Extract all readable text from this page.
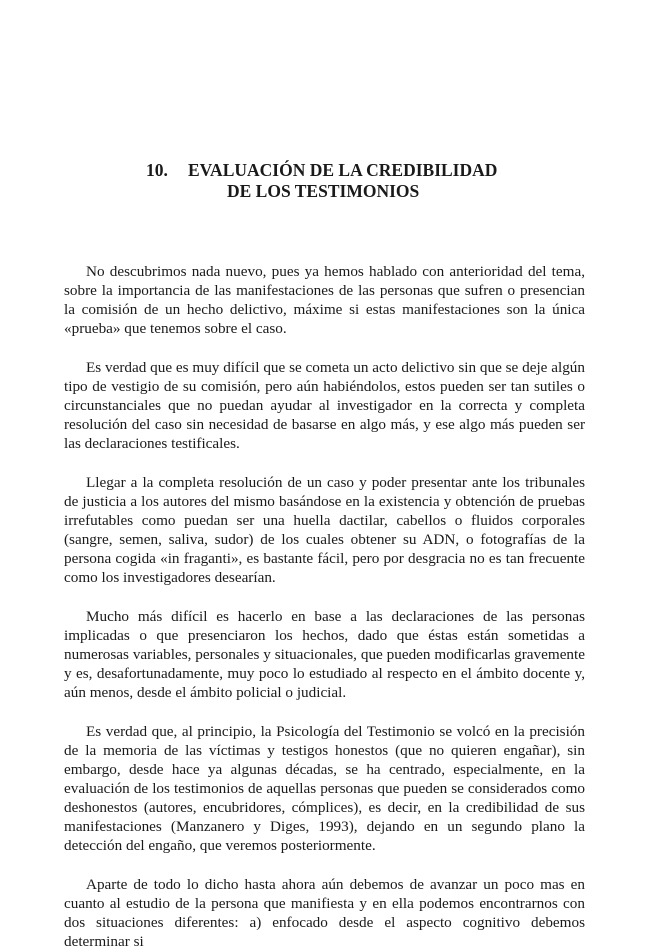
10. EVALUACIÓN DE LA CREDIBILIDAD
DE LOS TESTIMONIOS

No descubrimos nada nuevo, pues ya hemos hablado con anterioridad del tema, sobre la importancia de las manifestaciones de las personas que sufren o presencian la comisión de un hecho delictivo, máxime si estas manifestaciones son la única «prueba» que tenemos sobre el caso.

Es verdad que es muy difícil que se cometa un acto delictivo sin que se deje algún tipo de vestigio de su comisión, pero aún habiéndolos, estos pueden ser tan sutiles o circunstanciales que no puedan ayudar al investigador en la correcta y completa resolución del caso sin necesidad de basarse en algo más, y ese algo más pueden ser las declaraciones testificales.

Llegar a la completa resolución de un caso y poder presentar ante los tribunales de justicia a los autores del mismo basándose en la existencia y obtención de pruebas irrefutables como puedan ser una huella dactilar, cabellos o fluidos corporales (sangre, semen, saliva, sudor) de los cuales obtener su ADN, o fotografías de la persona cogida «in fraganti», es bastante fácil, pero por desgracia no es tan frecuente como los investigadores desearían.

Mucho más difícil es hacerlo en base a las declaraciones de las personas implicadas o que presenciaron los hechos, dado que éstas están sometidas a numerosas variables, personales y situacionales, que pueden modificarlas gravemente y es, desafortunadamente, muy poco lo estudiado al respecto en el ámbito docente y, aún menos, desde el ámbito policial o judicial.

Es verdad que, al principio, la Psicología del Testimonio se volcó en la precisión de la memoria de las víctimas y testigos honestos (que no quieren engañar), sin embargo, desde hace ya algunas décadas, se ha centrado, especialmente, en la evaluación de los testimonios de aquellas personas que pueden se considerados como deshonestos (autores, encubridores, cómplices), es decir, en la credibilidad de sus manifestaciones (Manzanero y Diges, 1993), dejando en un segundo plano la detección del engaño, que veremos posteriormente.

Aparte de todo lo dicho hasta ahora aún debemos de avanzar un poco mas en cuanto al estudio de la persona que manifiesta y en ella podemos encontrarnos con dos situaciones diferentes: a) enfocado desde el aspecto cognitivo debemos determinar si
